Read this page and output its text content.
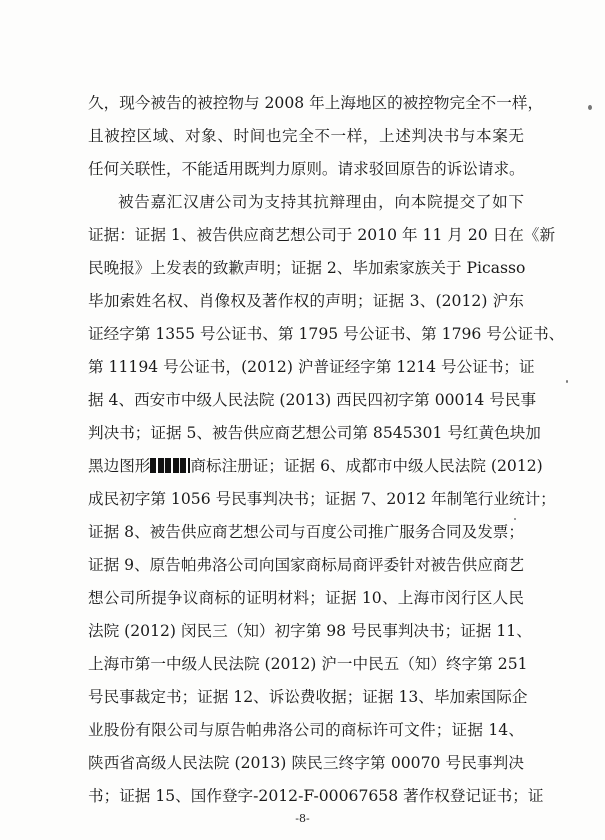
久，现今被告的被控物与 2008 年上海地区的被控物完全不一样，
且被控区域、对象、时间也完全不一样，上述判决书与本案无
任何关联性，不能适用既判力原则。请求驳回原告的诉讼请求。
被告嘉汇汉唐公司为支持其抗辩理由，向本院提交了如下
证据：证据 1、被告供应商艺想公司于 2010 年 11 月 20 日在《新
民晚报》上发表的致歉声明；证据 2、毕加索家族关于 Picasso
毕加索姓名权、肖像权及著作权的声明；证据 3、(2012) 沪东
证经字第 1355 号公证书、第 1795 号公证书、第 1796 号公证书、
第 11194 号公证书，(2012) 沪普证经字第 1214 号公证书；证
据 4、西安市中级人民法院 (2013) 西民四初字第 00014 号民事
判决书；证据 5、被告供应商艺想公司第 8545301 号红黄色块加
黑边图形	商标注册证；证据 6、成都市中级人民法院 (2012)
成民初字第 1056 号民事判决书；证据 7、2012 年制笔行业统计；
证据 8、被告供应商艺想公司与百度公司推广服务合同及发票；
证据 9、原告帕弗洛公司向国家商标局商评委针对被告供应商艺
想公司所提争议商标的证明材料；证据 10、上海市闵行区人民
法院 (2012) 闵民三（知）初字第 98 号民事判决书；证据 11、
上海市第一中级人民法院 (2012) 沪一中民五（知）终字第 251
号民事裁定书；证据 12、诉讼费收据；证据 13、毕加索国际企
业股份有限公司与原告帕弗洛公司的商标许可文件；证据 14、
陕西省高级人民法院 (2013) 陕民三终字第 00070 号民事判决
书；证据 15、国作登字-2012-F-00067658 著作权登记证书；证
-8-
